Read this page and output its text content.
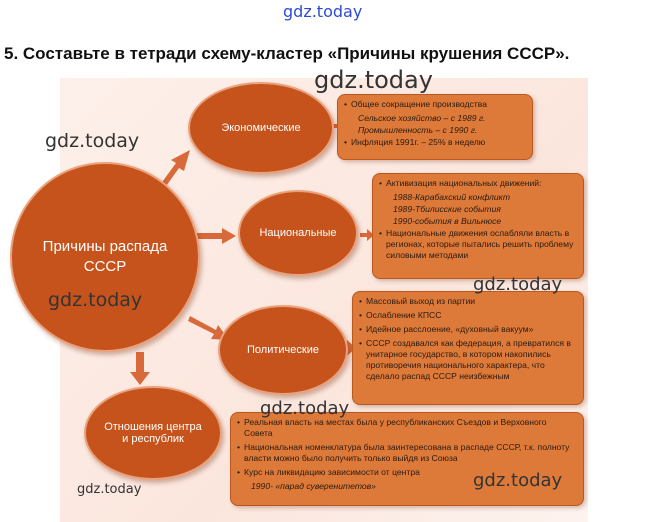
gdz.today
5. Составьте в тетради схему-кластер «Причины крушения СССР».
Причины распада
СССР
Экономические
Национальные
Политические
Отношения центра
и республик
• Общее сокращение производства
Сельское хозяйство – с 1989 г.
Промышленность – с 1990 г.
• Инфляция 1991г. – 25% в неделю
• Активизация национальных движений:
1988-Карабахский конфликт
1989-Тбилисские события
1990-события в Вильнюсе
• Национальные движения ослабляли власть в регионах, которые пытались решить проблему силовыми методами
• Массовый выход из партии
• Ослабление КПСС
• Идейное расслоение, «духовный вакуум»
• СССР создавался как федерация, а превратился в унитарное государство, в котором накопились противоречия национального характера, что сделало распад СССР неизбежным
• Реальная власть на местах была у республиканских Съездов и Верховного Совета
• Национальная номенклатура была заинтересована в распаде СССР, т.к. полноту власти можно было получить только выйдя из Союза
• Курс на ликвидацию зависимости от центра
1990- «парад суверенитетов»
gdz.today
gdz.today
gdz.today
gdz.today
gdz.today
gdz.today
gdz.today
